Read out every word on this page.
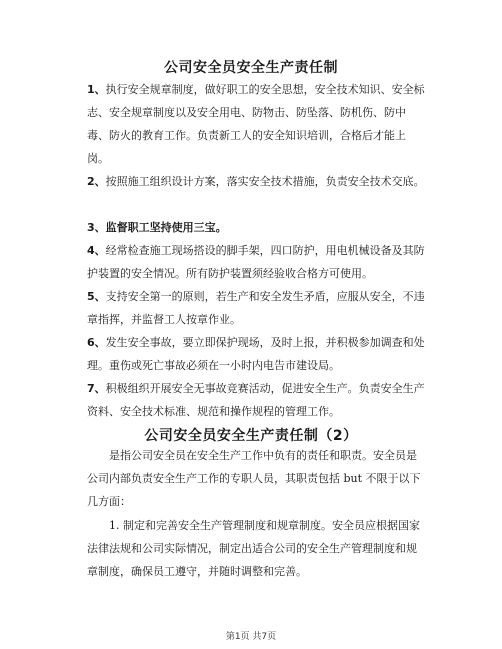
公司安全员安全生产责任制
1、执行安全规章制度，做好职工的安全思想，安全技术知识、安全标志、安全规章制度以及安全用电、防物击、防坠落、防机伤、防中毒、防火的教育工作。负责新工人的安全知识培训，合格后才能上岗。
2、按照施工组织设计方案，落实安全技术措施，负责安全技术交底。
3、监督职工坚持使用三宝。
4、经常检查施工现场搭设的脚手架，四口防护，用电机械设备及其防护装置的安全情况。所有防护装置须经验收合格方可使用。
5、支持安全第一的原则，若生产和安全发生矛盾，应服从安全，不违章指挥，并监督工人按章作业。
6、发生安全事故，要立即保护现场，及时上报，并积极参加调查和处理。重伤或死亡事故必须在一小时内电告市建设局。
7、积极组织开展安全无事故竞赛活动，促进安全生产。负责安全生产资料、安全技术标准、规范和操作规程的管理工作。
公司安全员安全生产责任制（2）
是指公司安全员在安全生产工作中负有的责任和职责。安全员是公司内部负责安全生产工作的专职人员，其职责包括 but 不限于以下几方面：
1. 制定和完善安全生产管理制度和规章制度。安全员应根据国家法律法规和公司实际情况，制定出适合公司的安全生产管理制度和规章制度，确保员工遵守，并随时调整和完善。
第1页 共7页
